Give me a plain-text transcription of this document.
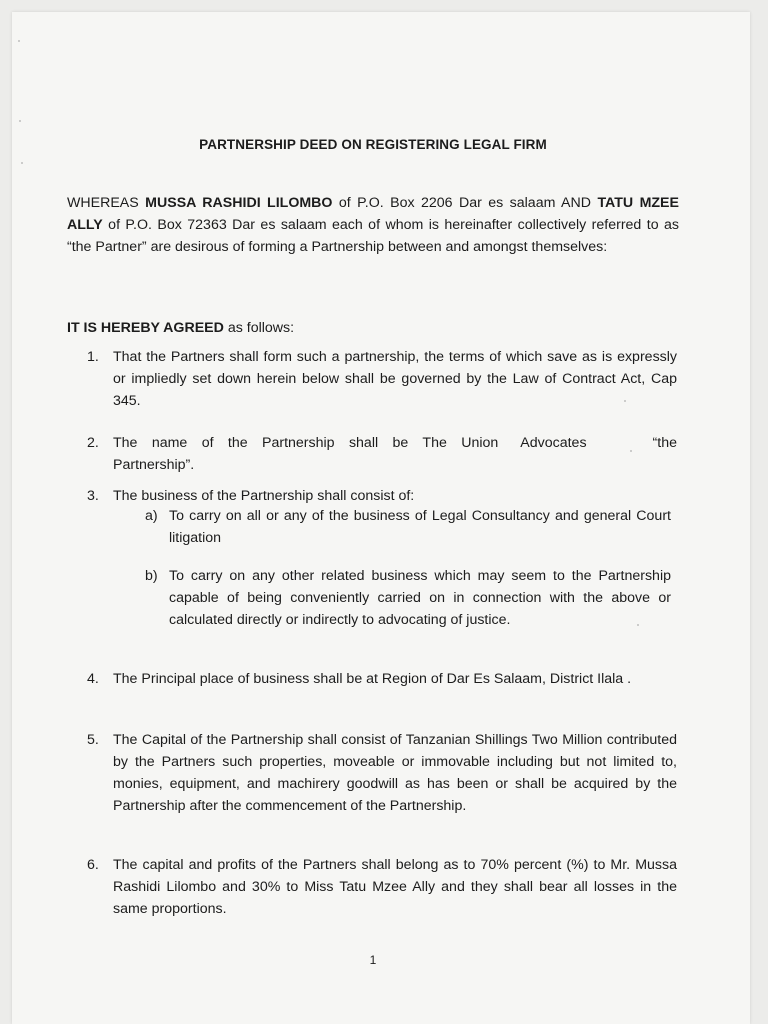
PARTNERSHIP DEED ON REGISTERING LEGAL FIRM
WHEREAS MUSSA RASHIDI LILOMBO of P.O. Box 2206 Dar es salaam AND TATU MZEE ALLY of P.O. Box 72363 Dar es salaam each of whom is hereinafter collectively referred to as “the Partner” are desirous of forming a Partnership between and amongst themselves:
IT IS HEREBY AGREED as follows:
1. That the Partners shall form such a partnership, the terms of which save as is expressly or impliedly set down herein below shall be governed by the Law of Contract Act, Cap 345.
2. The name of the Partnership shall be The Union Advocates	“the Partnership”.
3. The business of the Partnership shall consist of:
a) To carry on all or any of the business of Legal Consultancy and general Court litigation
b) To carry on any other related business which may seem to the Partnership capable of being conveniently carried on in connection with the above or calculated directly or indirectly to advocating of justice.
4. The Principal place of business shall be at Region of Dar Es Salaam, District Ilala .
5. The Capital of the Partnership shall consist of Tanzanian Shillings Two Million contributed by the Partners such properties, moveable or immovable including but not limited to, monies, equipment, and machirery goodwill as has been or shall be acquired by the Partnership after the commencement of the Partnership.
6. The capital and profits of the Partners shall belong as to 70% percent (%) to Mr. Mussa Rashidi Lilombo and 30% to Miss Tatu Mzee Ally and they shall bear all losses in the same proportions.
1
